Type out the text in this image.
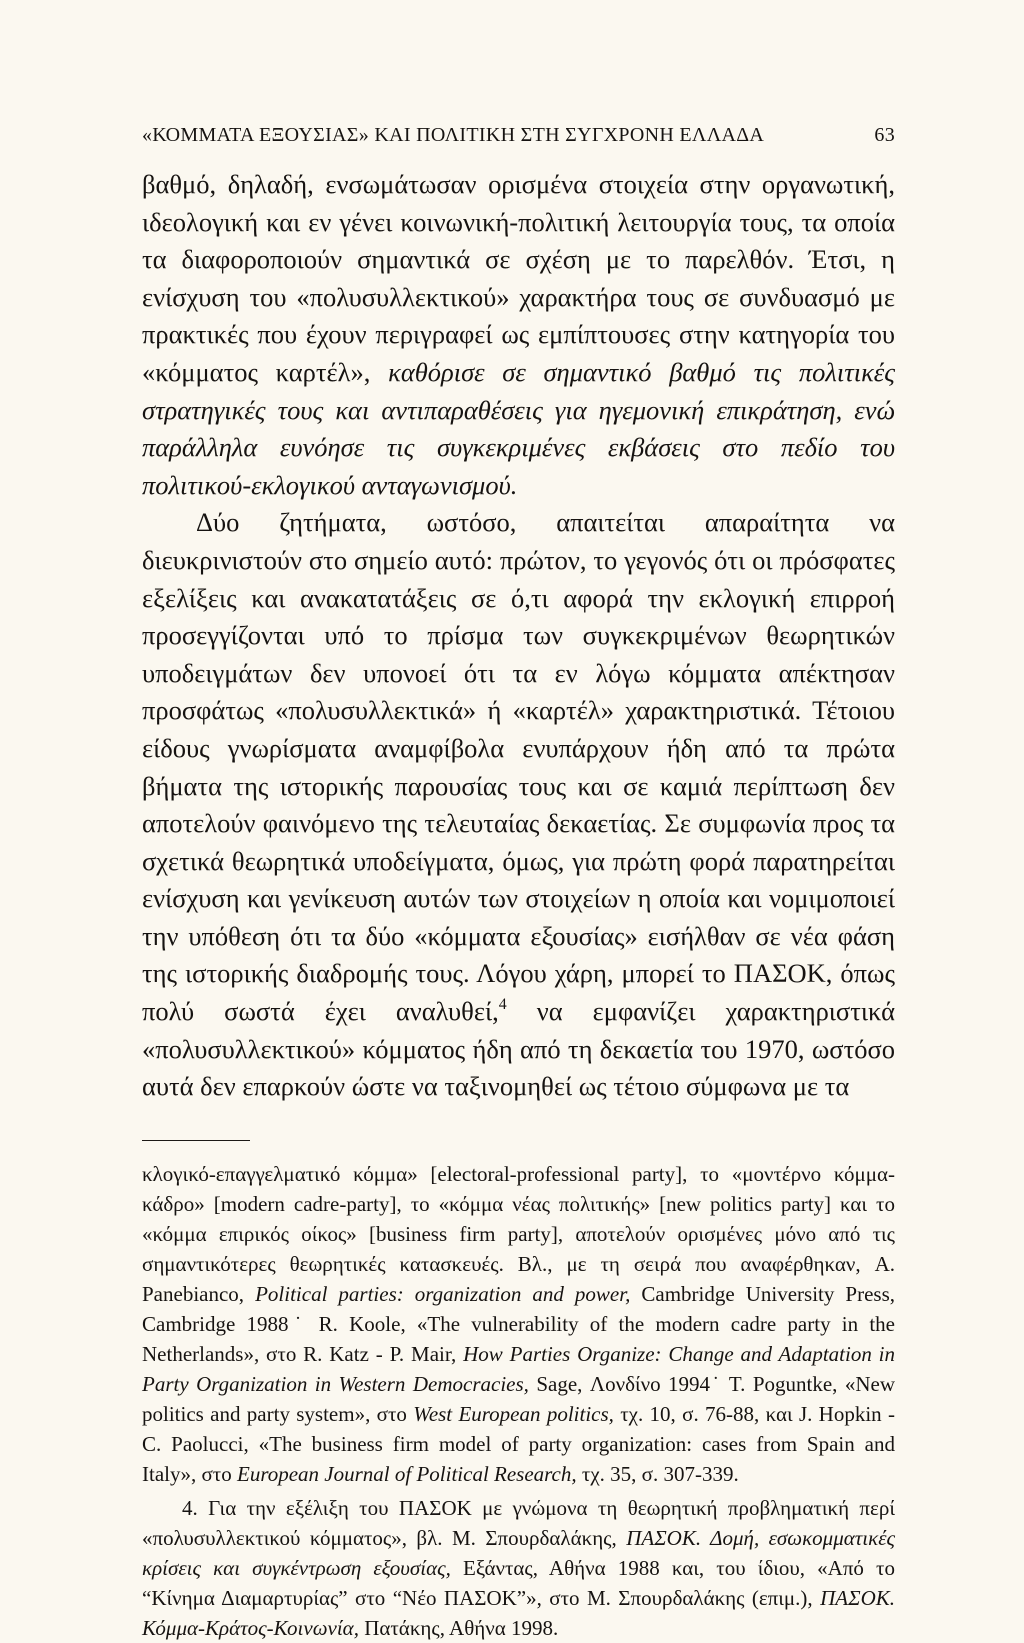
«ΚΟΜΜΑΤΑ ΕΞΟΥΣΙΑΣ» ΚΑΙ ΠΟΛΙΤΙΚΗ ΣΤΗ ΣΥΓΧΡΟΝΗ ΕΛΛΑΔΑ	63

βαθμό, δηλαδή, ενσωμάτωσαν ορισμένα στοιχεία στην οργανωτική, ιδεολογική και εν γένει κοινωνική-πολιτική λειτουργία τους, τα οποία τα διαφοροποιούν σημαντικά σε σχέση με το παρελθόν. Έτσι, η ενίσχυση του «πολυσυλλεκτικού» χαρακτήρα τους σε συνδυασμό με πρακτικές που έχουν περιγραφεί ως εμπίπτουσες στην κατηγορία του «κόμματος καρτέλ», καθόρισε σε σημαντικό βαθμό τις πολιτικές στρατηγικές τους και αντιπαραθέσεις για ηγεμονική επικράτηση, ενώ παράλληλα ευνόησε τις συγκεκριμένες εκβάσεις στο πεδίο του πολιτικού-εκλογικού ανταγωνισμού.

Δύο ζητήματα, ωστόσο, απαιτείται απαραίτητα να διευκρινιστούν στο σημείο αυτό: πρώτον, το γεγονός ότι οι πρόσφατες εξελίξεις και ανακατατάξεις σε ό,τι αφορά την εκλογική επιρροή προσεγγίζονται υπό το πρίσμα των συγκεκριμένων θεωρητικών υποδειγμάτων δεν υπονοεί ότι τα εν λόγω κόμματα απέκτησαν προσφάτως «πολυσυλλεκτικά» ή «καρτέλ» χαρακτηριστικά. Τέτοιου είδους γνωρίσματα αναμφίβολα ενυπάρχουν ήδη από τα πρώτα βήματα της ιστορικής παρουσίας τους και σε καμιά περίπτωση δεν αποτελούν φαινόμενο της τελευταίας δεκαετίας. Σε συμφωνία προς τα σχετικά θεωρητικά υποδείγματα, όμως, για πρώτη φορά παρατηρείται ενίσχυση και γενίκευση αυτών των στοιχείων η οποία και νομιμοποιεί την υπόθεση ότι τα δύο «κόμματα εξουσίας» εισήλθαν σε νέα φάση της ιστορικής διαδρομής τους. Λόγου χάρη, μπορεί το ΠΑΣΟΚ, όπως πολύ σωστά έχει αναλυθεί,$^4$ να εμφανίζει χαρακτηριστικά «πολυσυλλεκτικού» κόμματος ήδη από τη δεκαετία του 1970, ωστόσο αυτά δεν επαρκούν ώστε να ταξινομηθεί ως τέτοιο σύμφωνα με τα

κλογικό-επαγγελματικό κόμμα» [electoral-professional party], το «μοντέρνο κόμμα-κάδρο» [modern cadre-party], το «κόμμα νέας πολιτικής» [new politics party] και το «κόμμα επιρικός οίκος» [business firm party], αποτελούν ορισμένες μόνο από τις σημαντικότερες θεωρητικές κατασκευές. Βλ., με τη σειρά που αναφέρθηκαν, A. Panebianco, Political parties: organization and power, Cambridge University Press, Cambridge 1988˙ R. Koole, «The vulnerability of the modern cadre party in the Netherlands», στο R. Katz - P. Mair, How Parties Organize: Change and Adaptation in Party Organization in Western Democracies, Sage, Λονδίνο 1994˙ T. Poguntke, «New politics and party system», στο West European politics, τχ. 10, σ. 76-88, και J. Hopkin - C. Paolucci, «The business firm model of party organization: cases from Spain and Italy», στο European Journal of Political Research, τχ. 35, σ. 307-339.

4. Για την εξέλιξη του ΠΑΣΟΚ με γνώμονα τη θεωρητική προβληματική περί «πολυσυλλεκτικού κόμματος», βλ. Μ. Σπουρδαλάκης, ΠΑΣΟΚ. Δομή, εσωκομματικές κρίσεις και συγκέντρωση εξουσίας, Εξάντας, Αθήνα 1988 και, του ίδιου, «Από το “Κίνημα Διαμαρτυρίας” στο “Νέο ΠΑΣΟΚ”», στο Μ. Σπουρδαλάκης (επιμ.), ΠΑΣΟΚ. Κόμμα-Κράτος-Κοινωνία, Πατάκης, Αθήνα 1998.
